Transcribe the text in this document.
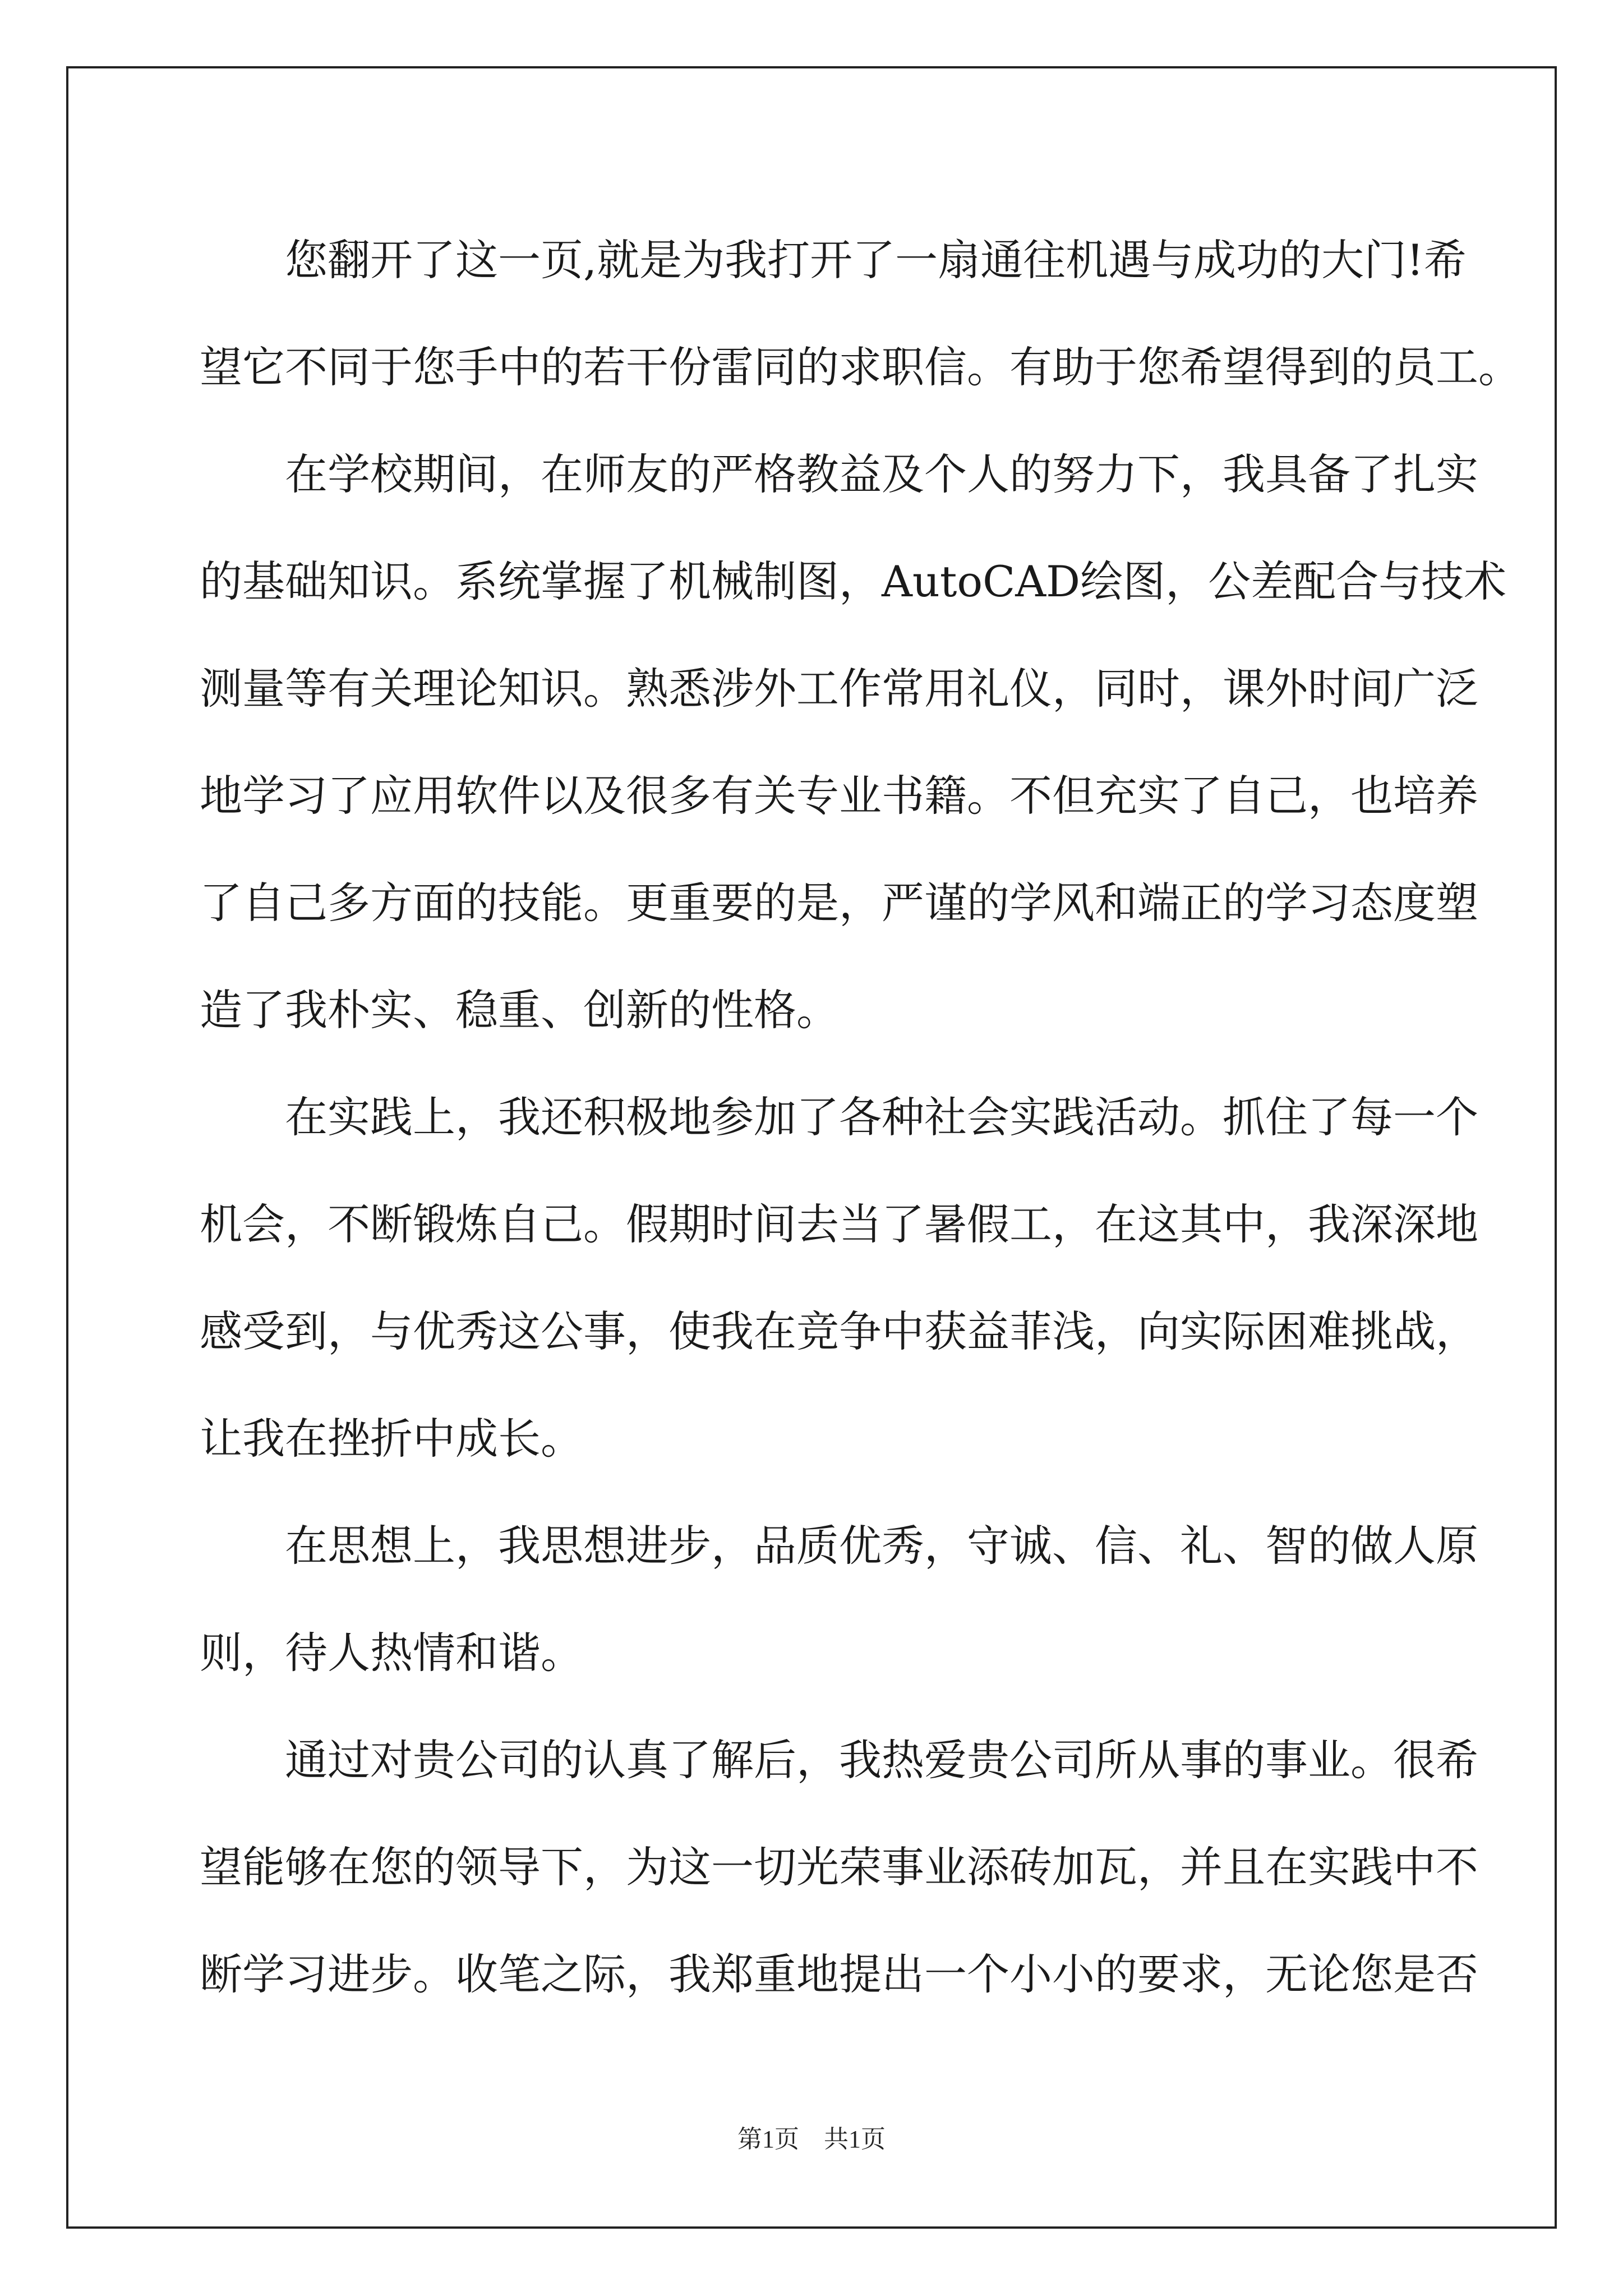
　　您翻开了这一页,就是为我打开了一扇通往机遇与成功的大门!希
望它不同于您手中的若干份雷同的求职信。有助于您希望得到的员工。
　　在学校期间，在师友的严格教益及个人的努力下，我具备了扎实
的基础知识。系统掌握了机械制图，AutoCAD绘图，公差配合与技术
测量等有关理论知识。熟悉涉外工作常用礼仪，同时，课外时间广泛
地学习了应用软件以及很多有关专业书籍。不但充实了自己，也培养
了自己多方面的技能。更重要的是，严谨的学风和端正的学习态度塑
造了我朴实、稳重、创新的性格。
　　在实践上，我还积极地参加了各种社会实践活动。抓住了每一个
机会，不断锻炼自己。假期时间去当了暑假工，在这其中，我深深地
感受到，与优秀这公事，使我在竞争中获益菲浅，向实际困难挑战，
让我在挫折中成长。
　　在思想上，我思想进步，品质优秀，守诚、信、礼、智的做人原
则，待人热情和谐。
　　通过对贵公司的认真了解后，我热爱贵公司所从事的事业。很希
望能够在您的领导下，为这一切光荣事业添砖加瓦，并且在实践中不
断学习进步。收笔之际，我郑重地提出一个小小的要求，无论您是否
第1页　共1页
